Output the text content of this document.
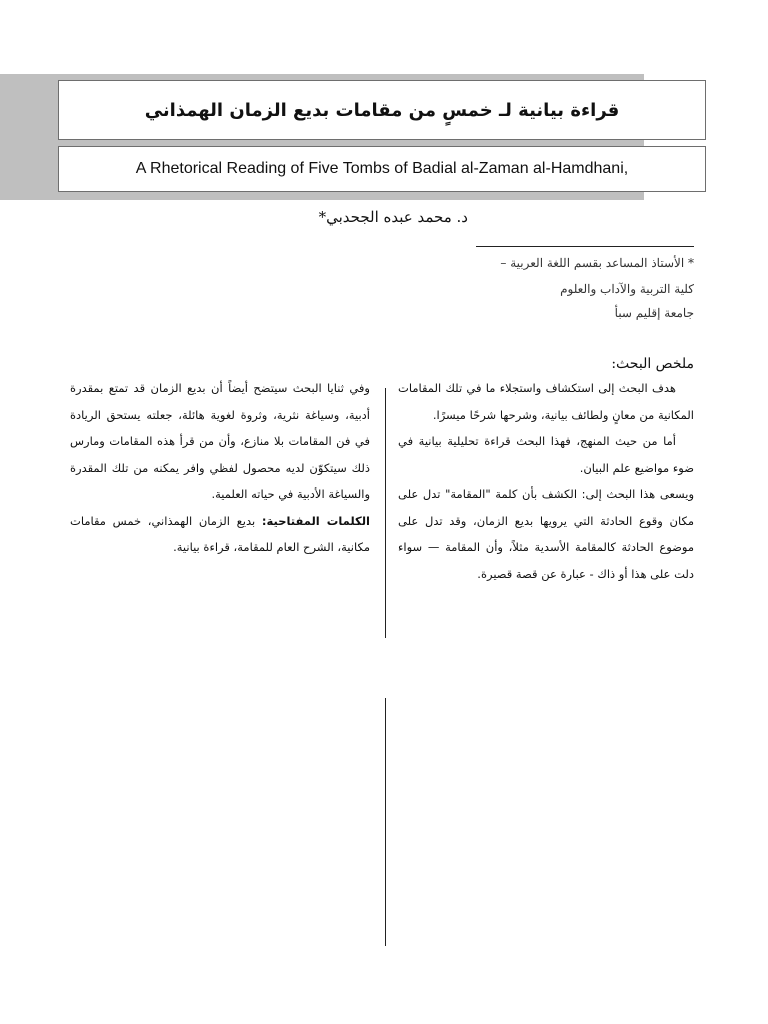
قراءة بيانية لـ خمسٍ من مقامات بديع الزمان الهمذاني
A Rhetorical Reading of Five Tombs of Badial al-Zaman al-Hamdhani,
د. محمد عبده الجحدبي*
* الأستاذ المساعد بقسم اللغة العربية –
كلية التربية والآداب والعلوم
جامعة إقليم سبأ
ملخص البحث:

هدف البحث إلى استكشاف واستجلاء ما في تلك المقامات المكانية من معانٍ ولطائف بيانية، وشرحها شرحًا ميسرًا.

أما من حيث المنهج، فهذا البحث قراءة تحليلية بيانية في ضوء مواضيع علم البيان.

ويسعى هذا البحث إلى: الكشف بأن كلمة "المقامة" تدل على مكان وقوع الحادثة التي يرويها بديع الزمان، وقد تدل على موضوع الحادثة كالمقامة الأسدية مثلاً، وأن المقامة — سواء دلت على هذا أو ذاك - عبارة عن قصة قصيرة.

وفي ثنايا البحث سيتضح أيضاً أن بديع الزمان قد تمتع بمقدرة أدبية، وسياغة نثرية، وثروة لغوية هائلة، جعلته يستحق الريادة في فن المقامات بلا منازع، وأن من قرأ هذه المقامات ومارس ذلك سيتكوّن لديه محصول لفظي وافر يمكنه من تلك المقدرة والسياغة الأدبية في حياته العلمية.

الكلمات المفتاحية: بديع الزمان الهمذاني، خمس مقامات مكانية، الشرح العام للمقامة، قراءة بيانية.
